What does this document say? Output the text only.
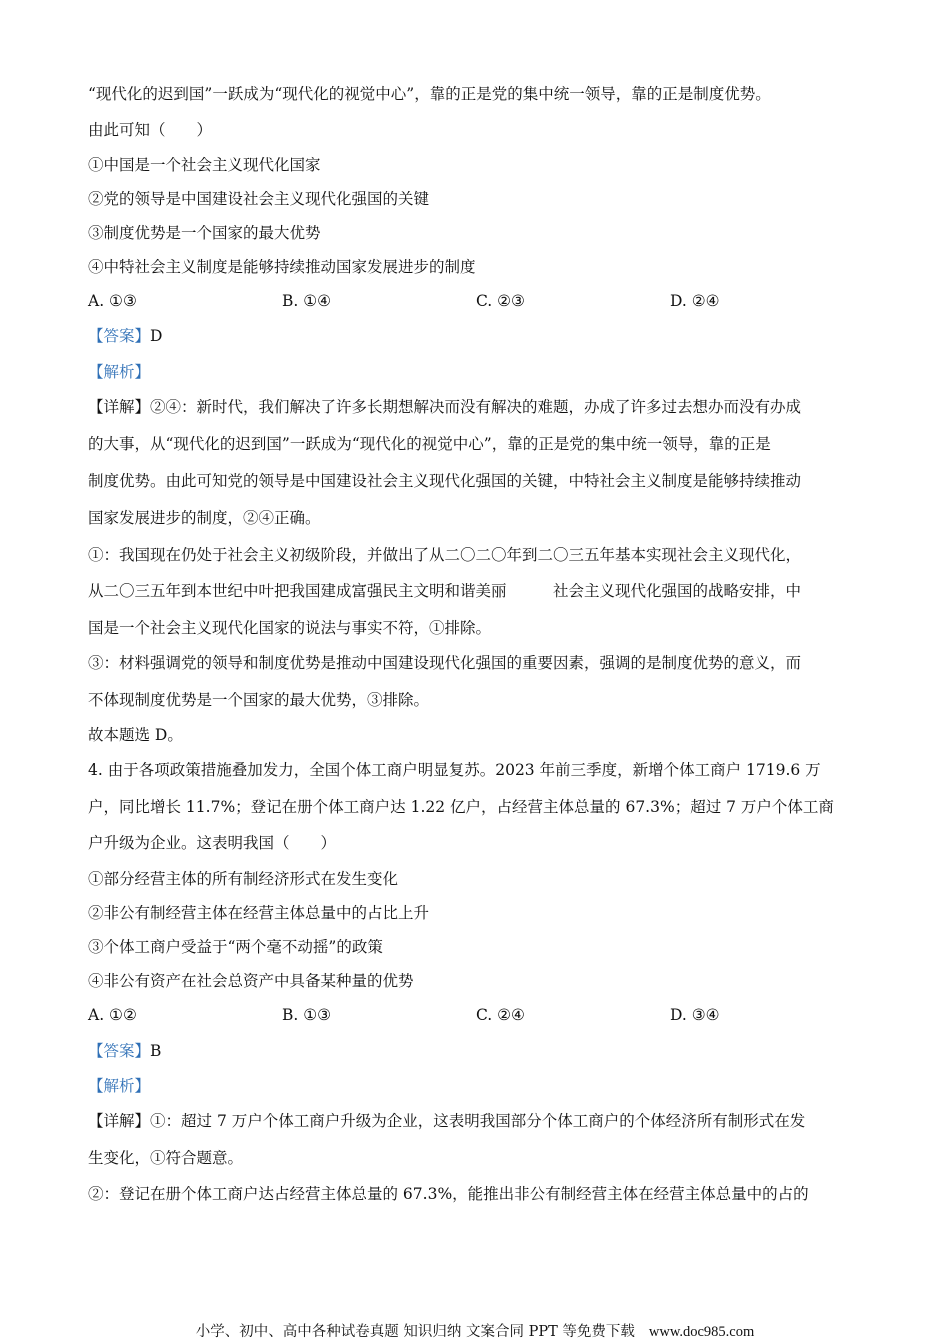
“现代化的迟到国”一跃成为“现代化的视觉中心”，靠的正是党的集中统一领导，靠的正是制度优势。
由此可知（　　）
①中国是一个社会主义现代化国家
②党的领导是中国建设社会主义现代化强国的关键
③制度优势是一个国家的最大优势
④中特社会主义制度是能够持续推动国家发展进步的制度
A. ①③	B. ①④	C. ②③	D. ②④
【答案】D
【解析】
【详解】②④：新时代，我们解决了许多长期想解决而没有解决的难题，办成了许多过去想办而没有办成
的大事，从“现代化的迟到国”一跃成为“现代化的视觉中心”，靠的正是党的集中统一领导，靠的正是
制度优势。由此可知党的领导是中国建设社会主义现代化强国的关键，中特社会主义制度是能够持续推动
国家发展进步的制度，②④正确。
①：我国现在仍处于社会主义初级阶段，并做出了从二〇二〇年到二〇三五年基本实现社会主义现代化，
从二〇三五年到本世纪中叶把我国建成富强民主文明和谐美丽　　　社会主义现代化强国的战略安排，中
国是一个社会主义现代化国家的说法与事实不符，①排除。
③：材料强调党的领导和制度优势是推动中国建设现代化强国的重要因素，强调的是制度优势的意义，而
不体现制度优势是一个国家的最大优势，③排除。
故本题选 D。
4. 由于各项政策措施叠加发力，全国个体工商户明显复苏。2023 年前三季度，新增个体工商户 1719.6 万
户，同比增长 11.7%；登记在册个体工商户达 1.22 亿户，占经营主体总量的 67.3%；超过 7 万户个体工商
户升级为企业。这表明我国（　　）
①部分经营主体的所有制经济形式在发生变化
②非公有制经营主体在经营主体总量中的占比上升
③个体工商户受益于“两个毫不动摇”的政策
④非公有资产在社会总资产中具备某种量的优势
A. ①②	B. ①③	C. ②④	D. ③④
【答案】B
【解析】
【详解】①：超过 7 万户个体工商户升级为企业，这表明我国部分个体工商户的个体经济所有制形式在发
生变化，①符合题意。
②：登记在册个体工商户达占经营主体总量的 67.3%，能推出非公有制经营主体在经营主体总量中的占的
小学、初中、高中各种试卷真题 知识归纳 文案合同 PPT 等免费下载 www.doc985.com
